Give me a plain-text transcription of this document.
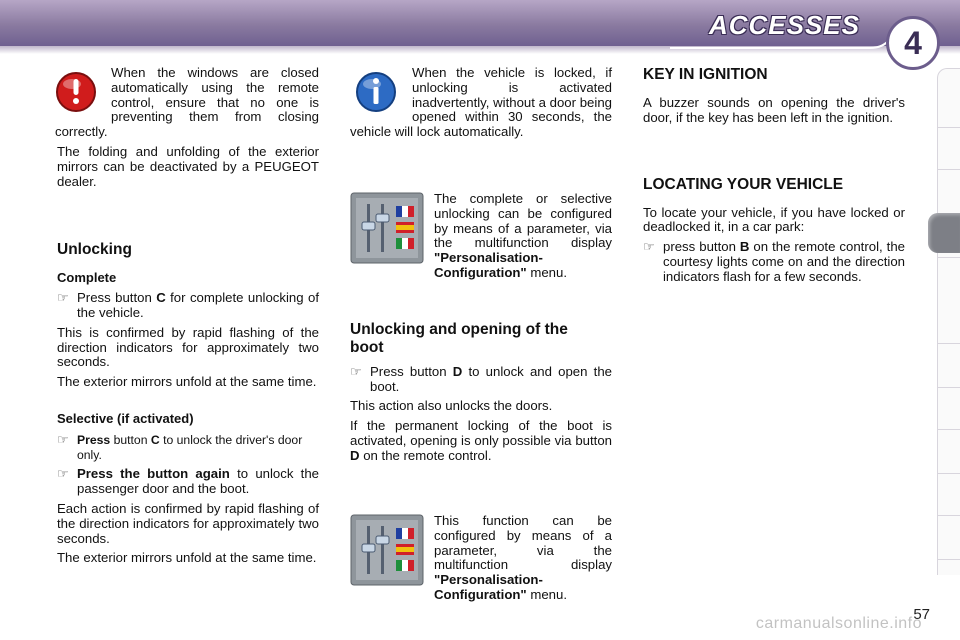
ACCESSES	4

When the windows are closed automatically using the remote control, ensure that no one is preventing them from closing correctly.

The folding and unfolding of the exterior mirrors can be deactivated by a PEUGEOT dealer.

Unlocking
Complete
☞ Press button C for complete unlocking of the vehicle.

This is confirmed by rapid flashing of the direction indicators for approximately two seconds.

The exterior mirrors unfold at the same time.

Selective (if activated)
☞ Press button C to unlock the driver's door only.
☞ Press the button again to unlock the passenger door and the boot.

Each action is confirmed by rapid flashing of the direction indicators for approximately two seconds.

The exterior mirrors unfold at the same time.

When the vehicle is locked, if unlocking is activated inadvertently, without a door being opened within 30 seconds, the vehicle will lock automatically.

The complete or selective unlocking can be configured by means of a parameter, via the multifunction display "Personalisation-Configuration" menu.

Unlocking and opening of the boot
☞ Press button D to unlock and open the boot.

This action also unlocks the doors.

If the permanent locking of the boot is activated, opening is only possible via button D on the remote control.

This function can be configured by means of a parameter, via the multifunction display "Personalisation-Configuration" menu.

KEY IN IGNITION

A buzzer sounds on opening the driver's door, if the key has been left in the ignition.

LOCATING YOUR VEHICLE

To locate your vehicle, if you have locked or deadlocked it, in a car park:

☞ press button B on the remote control, the courtesy lights come on and the direction indicators flash for a few seconds.
carmanualsonline.info
57
